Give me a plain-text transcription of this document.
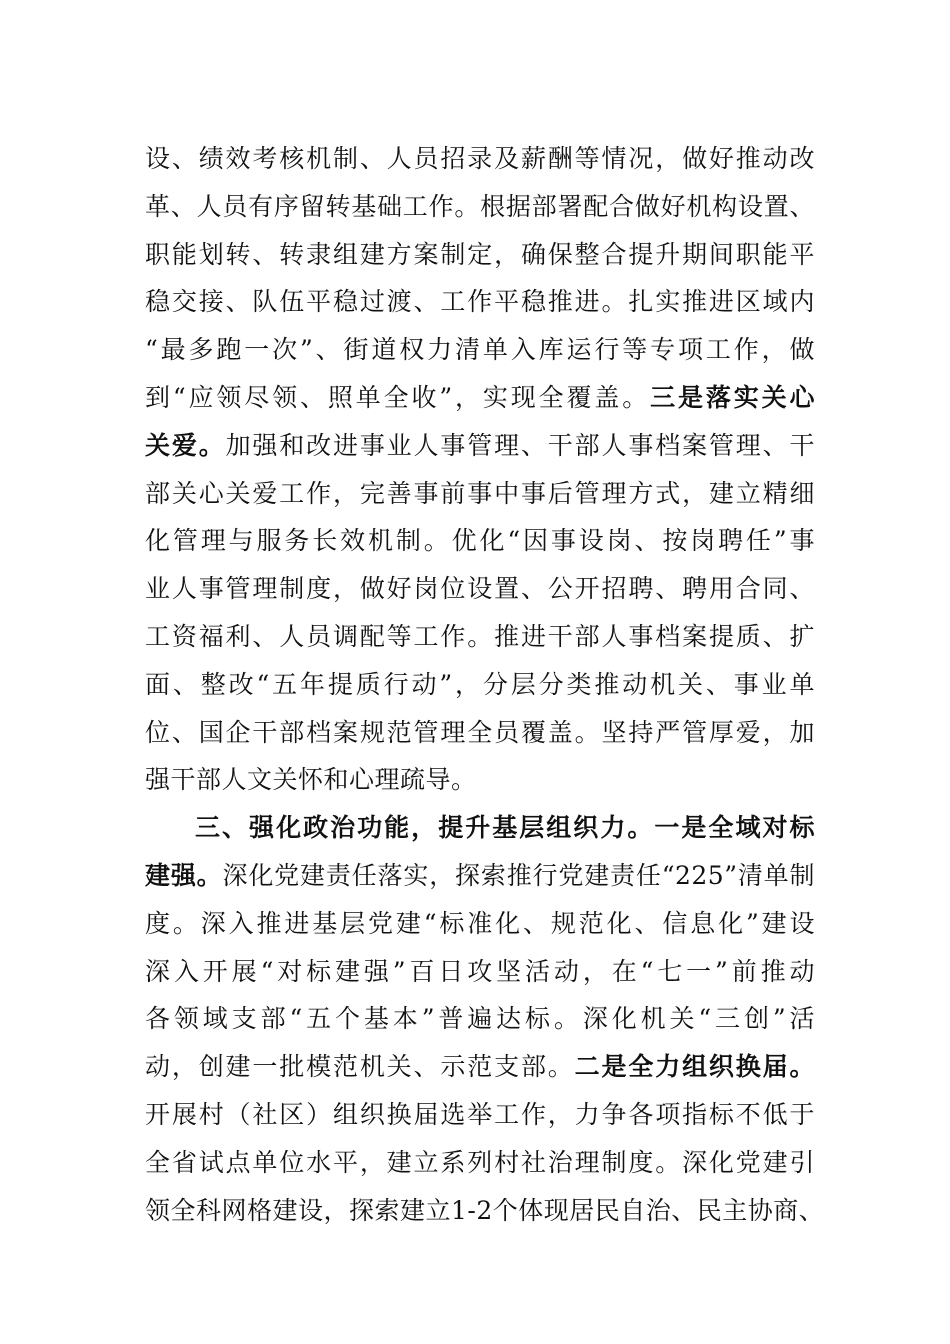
设、绩效考核机制、人员招录及薪酬等情况，做好推动改
革、人员有序留转基础工作。根据部署配合做好机构设置、
职能划转、转隶组建方案制定，确保整合提升期间职能平
稳交接、队伍平稳过渡、工作平稳推进。扎实推进区域内
“最多跑一次”、街道权力清单入库运行等专项工作，做
到“应领尽领、照单全收”，实现全覆盖。三是落实关心
关爱。加强和改进事业人事管理、干部人事档案管理、干
部关心关爱工作，完善事前事中事后管理方式，建立精细
化管理与服务长效机制。优化“因事设岗、按岗聘任”事
业人事管理制度，做好岗位设置、公开招聘、聘用合同、
工资福利、人员调配等工作。推进干部人事档案提质、扩
面、整改“五年提质行动”，分层分类推动机关、事业单
位、国企干部档案规范管理全员覆盖。坚持严管厚爱，加
强干部人文关怀和心理疏导。
三、强化政治功能，提升基层组织力。一是全域对标
建强。深化党建责任落实，探索推行党建责任“225”清单制
度。深入推进基层党建“标准化、规范化、信息化”建设
深入开展“对标建强”百日攻坚活动，在“七一”前推动
各领域支部“五个基本”普遍达标。深化机关“三创”活
动，创建一批模范机关、示范支部。二是全力组织换届。
开展村（社区）组织换届选举工作，力争各项指标不低于
全省试点单位水平，建立系列村社治理制度。深化党建引
领全科网格建设，探索建立1-2个体现居民自治、民主协商、
